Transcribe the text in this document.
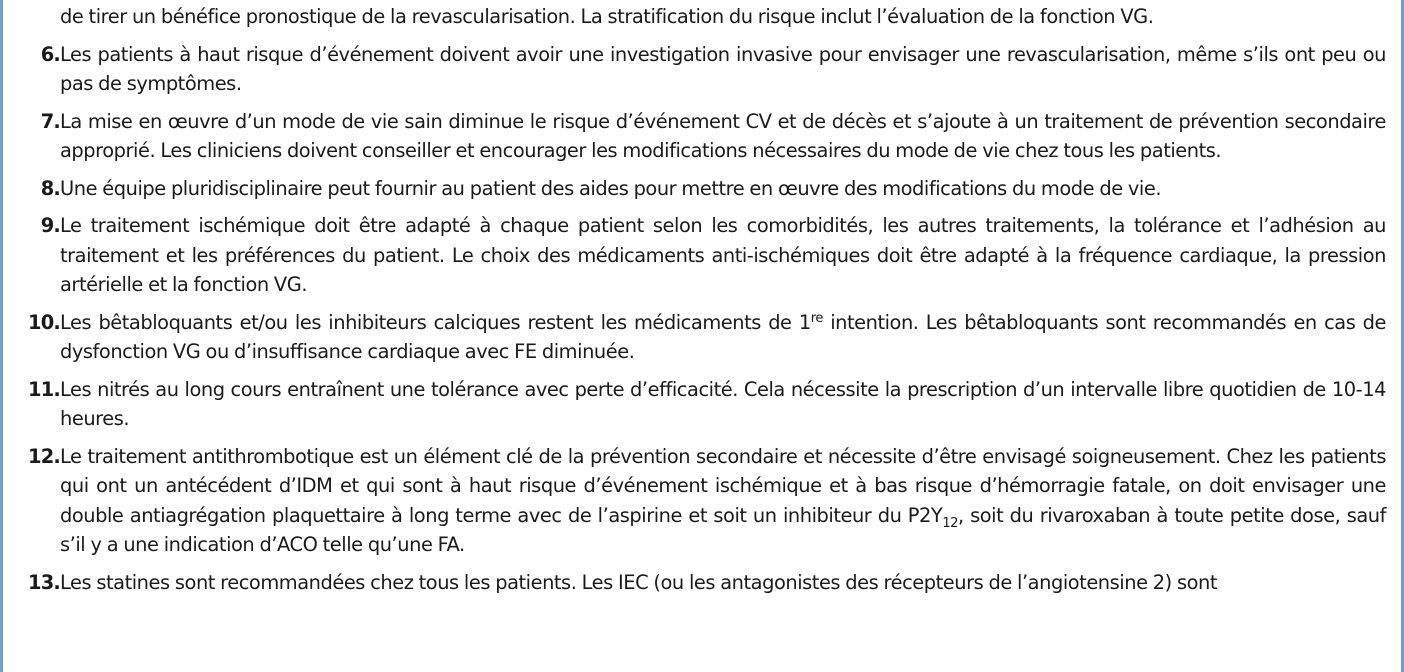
de tirer un bénéfice pronostique de la revascularisation. La stratification du risque inclut l’évaluation de la fonction VG.
6. Les patients à haut risque d’événement doivent avoir une investigation invasive pour envisager une revascularisation, même s’ils ont peu ou pas de symptômes.
7. La mise en œuvre d’un mode de vie sain diminue le risque d’événement CV et de décès et s’ajoute à un traitement de prévention secondaire approprié. Les cliniciens doivent conseiller et encourager les modifications nécessaires du mode de vie chez tous les patients.
8. Une équipe pluridisciplinaire peut fournir au patient des aides pour mettre en œuvre des modifications du mode de vie.
9. Le traitement ischémique doit être adapté à chaque patient selon les comorbidités, les autres traitements, la tolérance et l’adhésion au traitement et les préférences du patient. Le choix des médicaments anti-ischémiques doit être adapté à la fréquence cardiaque, la pression artérielle et la fonction VG.
10. Les bêtabloquants et/ou les inhibiteurs calciques restent les médicaments de 1re intention. Les bêtabloquants sont recommandés en cas de dysfonction VG ou d’insuffisance cardiaque avec FE diminuée.
11. Les nitrés au long cours entraînent une tolérance avec perte d’efficacité. Cela nécessite la prescription d’un intervalle libre quotidien de 10-14 heures.
12. Le traitement antithrombotique est un élément clé de la prévention secondaire et nécessite d’être envisagé soigneusement. Chez les patients qui ont un antécédent d’IDM et qui sont à haut risque d’événement ischémique et à bas risque d’hémorragie fatale, on doit envisager une double antiagrégation plaquettaire à long terme avec de l’aspirine et soit un inhibiteur du $P2Y_{12}$, soit du rivaroxaban à toute petite dose, sauf s’il y a une indication d’ACO telle qu’une FA.
13. Les statines sont recommandées chez tous les patients. Les IEC (ou les antagonistes des récepteurs de l’angiotensine 2) sont
